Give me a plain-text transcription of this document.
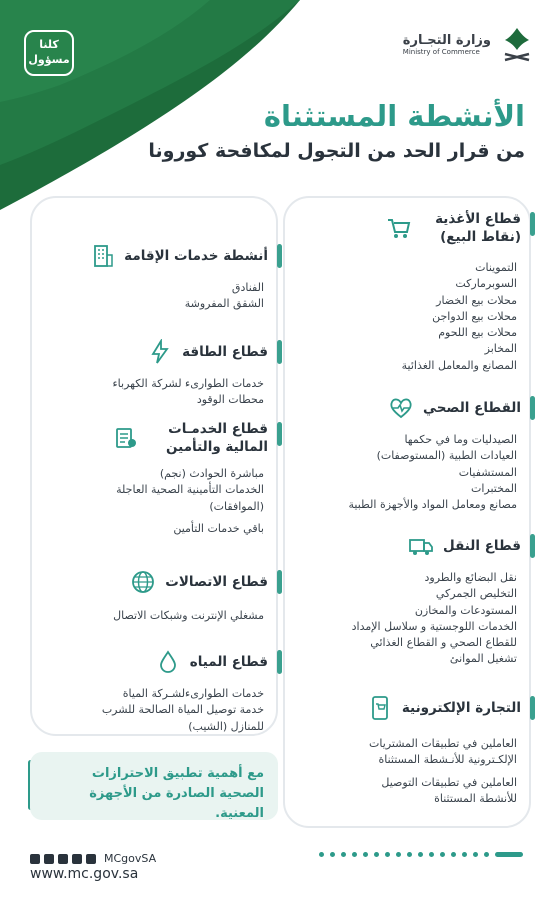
كلنا مسؤول
وزارة التجـارة
Ministry of Commerce
الأنشطة المستثناة
من قرار الحد من التجول لمكافحة كورونا
قطاع الأغذية (نقاط البيع)
التموينات
السوبرماركت
محلات بيع الخضار
محلات بيع الدواجن
محلات بيع اللحوم
المخابز
المصانع والمعامل الغذائية
القطاع الصحي
الصيدليات وما في حكمها
العيادات الطبية (المستوصفات)
المستشفيات
المختبرات
مصانع ومعامل المواد والأجهزة الطبية
قطاع النقل
نقل البضائع والطرود
التخليص الجمركي
المستودعات والمخازن
الخدمات اللوجستية و سلاسل الإمداد
للقطاع الصحي و القطاع الغذائي
تشغيل الموانئ
التجارة الإلكترونية
العاملين في تطبيقات المشتريات
الإلكـترونية للأنـشطة المستثناة
العاملين في تطبيقات التوصيل
للأنشطة المستثناة
أنشطة خدمات الإقامة
الفنادق
الشقق المفروشة
قطاع الطاقة
خدمات الطوارىء لشركة الكهرباء
محطات الوقود
قطاع الخدمـات المالية والتأمين
مباشرة الحوادث (نجم)
الخدمات التأمينية الصحية العاجلة
(الموافقات)
باقي خدمات التأمين
قطاع الاتصالات
مشغلي الإنترنت وشبكات الاتصال
قطاع المياه
خدمات الطوارىءلشـركة المياة
خدمة توصيل المياة الصالحة للشرب
للمنازل (الشيب)
مع أهمية تطبيق الاحترازات الصحية الصادرة من الأجهزة المعنية.
MCgovSA
www.mc.gov.sa
